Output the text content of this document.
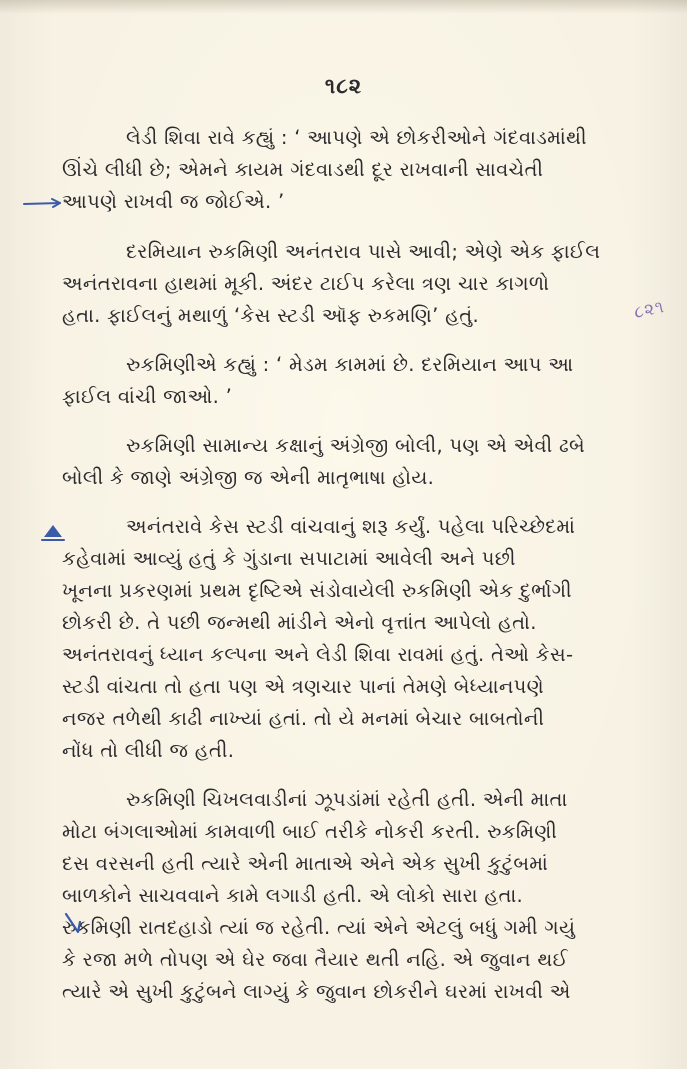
૧૮૨

લેડી શિવા રાવે કહ્યું : ‘ આપણે એ છોકરીઓને ગંદવાડમાંથી
ઊંચે લીધી છે; એમને કાયમ ગંદવાડથી દૂર રાખવાની સાવચેતી
આપણે રાખવી જ જોઈએ. ’

દરમિયાન રુકમિણી અનંતરાવ પાસે આવી; એણે એક ફાઈલ
અનંતરાવના હાથમાં મૂકી. અંદર ટાઈપ કરેલા ત્રણ ચાર કાગળો
હતા. ફાઈલનું મથાળું ‘કેસ સ્ટડી ઑફ રુકમણિ’ હતું.

રુકમિણીએ કહ્યું : ‘ મેડમ કામમાં છે. દરમિયાન આપ આ
ફાઈલ વાંચી જાઓ. ’

રુકમિણી સામાન્ય કક્ષાનું અંગ્રેજી બોલી, પણ એ એવી ઢબે
બોલી કે જાણે અંગ્રેજી જ એની માતૃભાષા હોય.

અનંતરાવે કેસ સ્ટડી વાંચવાનું શરૂ કર્યું. પહેલા પરિચ્છેદમાં
કહેવામાં આવ્યું હતું કે ગુંડાના સપાટામાં આવેલી અને પછી
ખૂનના પ્રકરણમાં પ્રથમ દૃષ્ટિએ સંડોવાયેલી રુકમિણી એક દુર્ભાગી
છોકરી છે. તે પછી જન્મથી માંડીને એનો વૃત્તાંત આપેલો હતો.
અનંતરાવનું ધ્યાન કલ્પના અને લેડી શિવા રાવમાં હતું. તેઓ કેસ-
સ્ટડી વાંચતા તો હતા પણ એ ત્રણચાર પાનાં તેમણે બેધ્યાનપણે
નજર તળેથી કાઢી નાખ્યાં હતાં. તો યે મનમાં બેચાર બાબતોની
નોંધ તો લીધી જ હતી.

રુકમિણી ચિખલવાડીનાં ઝૂપડાંમાં રહેતી હતી. એની માતા
મોટા બંગલાઓમાં કામવાળી બાઈ તરીકે નોકરી કરતી. રુકમિણી
દસ વરસની હતી ત્યારે એની માતાએ એને એક સુખી કુટુંબમાં
બાળકોને સાચવવાને કામે લગાડી હતી. એ લોકો સારા હતા.
રુકમિણી રાતદહાડો ત્યાં જ રહેતી. ત્યાં એને એટલું બધું ગમી ગયું
કે રજા મળે તોપણ એ ઘેર જવા તૈયાર થતી નહિ. એ જુવાન થઈ
ત્યારે એ સુખી કુટુંબને લાગ્યું કે જુવાન છોકરીને ઘરમાં રાખવી એ

૮૨૧
